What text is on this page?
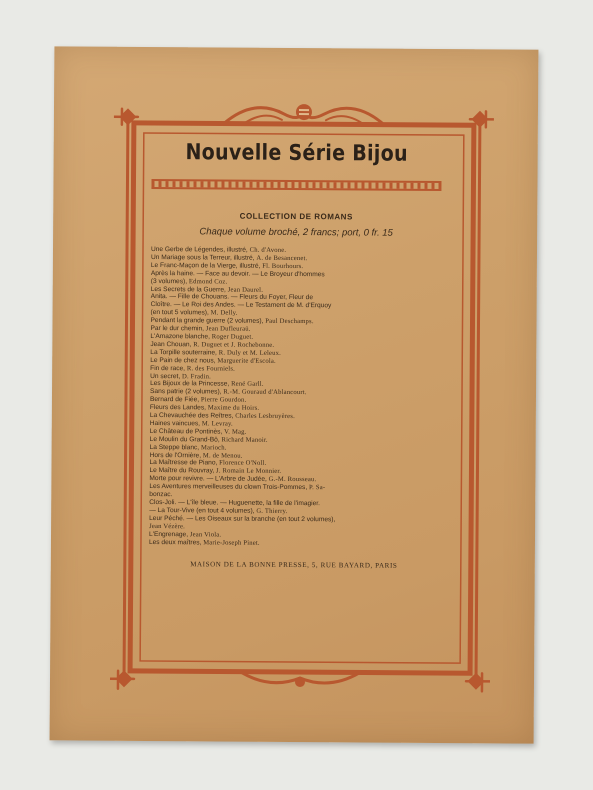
Nouvelle Série Bijou
COLLECTION DE ROMANS
Chaque volume broché, 2 francs; port, 0 fr. 15
Une Gerbe de Légendes, illustré, Ch. d'Avone.
Un Mariage sous la Terreur, illustré, A. de Besancenet.
Le Franc-Maçon de la Vierge, illustré, Fl. Bourhours.
Après la haine. — Face au devoir. — Le Broyeur d'hommes
(3 volumes), Edmond Coz.
Les Secrets de la Guerre, Jean Daurel.
Anita. — Fille de Chouans. — Fleurs du Foyer, Fleur de
Cloître. — Le Roi des Andes. — Le Testament de M. d'Erquoy
(en tout 5 volumes), M. Delly.
Pendant la grande guerre (2 volumes), Paul Deschamps.
Par le dur chemin, Jean Dufleuraü.
L'Amazone blanche, Roger Duguet.
Jean Chouan, R. Duguet et J. Rochebonne.
La Torpille souterraine, R. Duly et M. Leleux.
Le Pain de chez nous, Marguerite d'Escola.
Fin de race, R. des Fourniels.
Un secret, D. Fradin.
Les Bijoux de la Princesse, René Garll.
Sans patrie (2 volumes), R.-M. Gouraud d'Ablancourt.
Bernard de Fiée, Pierre Gourdon.
Fleurs des Landes, Maxime du Hoirs.
La Chevauchée des Reîtres, Charles Lesbruyères.
Haines vaincues, M. Levray.
Le Château de Pontinès, V. Mag.
Le Moulin du Grand-Bô, Richard Manoir.
La Steppe blanc, Marioch.
Hors de l'Ornière, M. de Menou.
La Maîtresse de Piano, Florence O'Noll.
Le Maître du Rouvray, J. Romain Le Monnier.
Morte pour revivre. — L'Arbre de Judée, G.-M. Rousseau.
Les Aventures merveilleuses du clown Trois-Pommes, P. Sa-
bonzac.
Clos-Joli. — L'île bleue. — Huguenette, la fille de l'imagier.
— La Tour-Vive (en tout 4 volumes), G. Thierry.
Leur Péché. — Les Oiseaux sur la branche (en tout 2 volumes),
Jean Vézère.
L'Engrenage, Jean Viola.
Les deux maîtres, Marie-Joseph Pinet.
MAISON DE LA BONNE PRESSE, 5, RUE BAYARD, PARIS
